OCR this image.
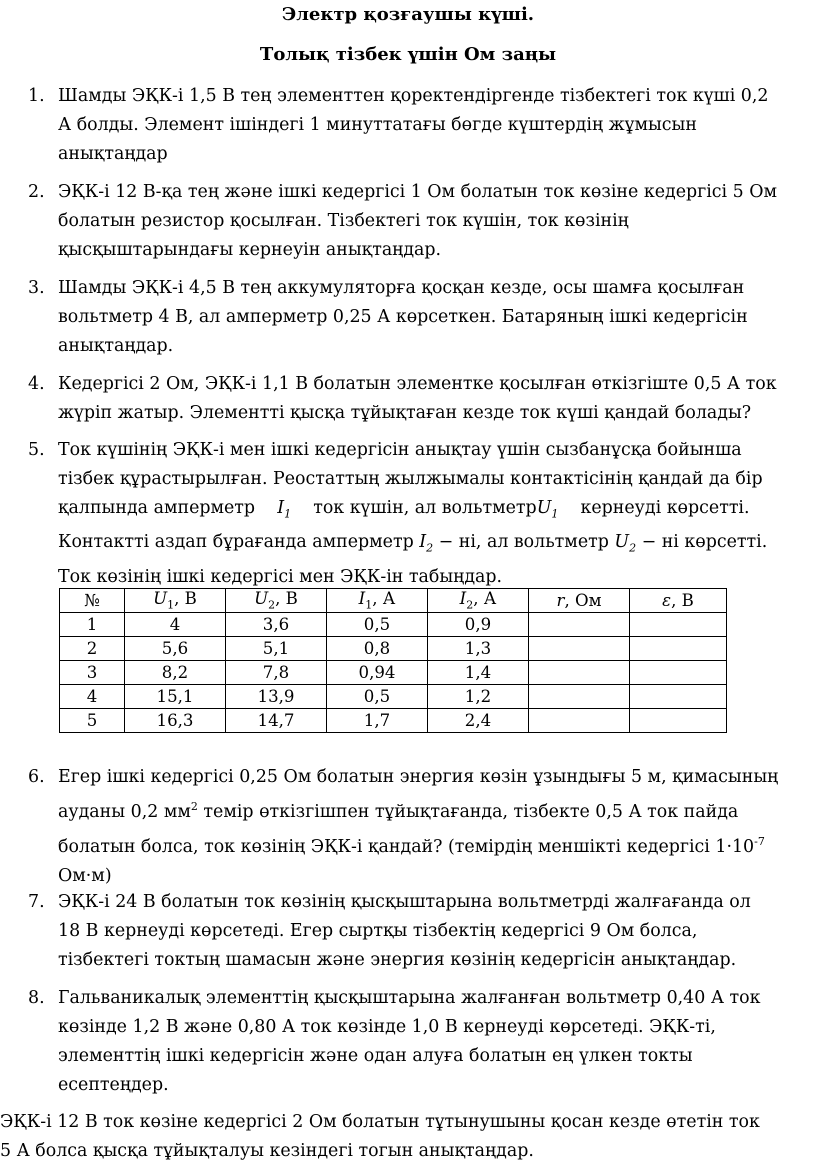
Электр қозғаушы күші.
Толық тізбек үшін Ом заңы
1. Шамды ЭҚК-і 1,5 В тең элементтен қоректендіргенде тізбектегі ток күші 0,2
А болды. Элемент ішіндегі 1 минуттатағы бөгде күштердің жұмысын
анықтаңдар
2. ЭҚК-і 12 В-қа тең және ішкі кедергісі 1 Ом болатын ток көзіне кедергісі 5 Ом
болатын резистор қосылған. Тізбектегі ток күшін, ток көзінің
қысқыштарындағы кернеуін анықтаңдар.
3. Шамды ЭҚК-і 4,5 В тең аккумуляторға қосқан кезде, осы шамға қосылған
вольтметр 4 В, ал амперметр 0,25 А көрсеткен. Батаряның ішкі кедергісін
анықтаңдар.
4. Кедергісі 2 Ом, ЭҚК-і 1,1 В болатын элементке қосылған өткізгіште 0,5 А ток
жүріп жатыр. Элементті қысқа тұйықтаған кезде ток күші қандай болады?
5. Ток күшінің ЭҚК-і мен ішкі кедергісін анықтау үшін сызбанұсқа бойынша
тізбек құрастырылған. Реостаттың жылжымалы контактісінің қандай да бір
қалпында амперметр $I_1$ ток күшін, ал вольтметрU$_1$ кернеуді көрсетті.
Контактті аздап бұрағанда амперметр $I_2$ − ні, ал вольтметр $U_2$ − ні көрсетті.
Ток көзінің ішкі кедергісі мен ЭҚК-ін табыңдар.
№	$U_1$, В	$U_2$, В	$I_1$, А	$I_2$, А	r, Ом	ε, В
1	4	3,6	0,5	0,9		
2	5,6	5,1	0,8	1,3		
3	8,2	7,8	0,94	1,4		
4	15,1	13,9	0,5	1,2		
5	16,3	14,7	1,7	2,4		
6. Егер ішкі кедергісі 0,25 Ом болатын энергия көзін ұзындығы 5 м, қимасының
ауданы 0,2 $мм^2$ темір өткізгішпен тұйықтағанда, тізбекте 0,5 А ток пайда
болатын болса, ток көзінің ЭҚК-і қандай? (темірдің меншікті кедергісі $1\cdot 10^{-7}$
Ом·м)
7. ЭҚК-і 24 В болатын ток көзінің қысқыштарына вольтметрді жалғағанда ол
18 В кернеуді көрсетеді. Егер сыртқы тізбектің кедергісі 9 Ом болса,
тізбектегі токтың шамасын және энергия көзінің кедергісін анықтаңдар.
8. Гальваникалық элементтің қысқыштарына жалғанған вольтметр 0,40 А ток
көзінде 1,2 В және 0,80 А ток көзінде 1,0 В кернеуді көрсетеді. ЭҚК-ті,
элементтің ішкі кедергісін және одан алуға болатын ең үлкен токты
есептеңдер.
ЭҚК-і 12 В ток көзіне кедергісі 2 Ом болатын тұтынушыны қосан кезде өтетін ток
5 А болса қысқа тұйықталуы кезіндегі тогын анықтаңдар.
